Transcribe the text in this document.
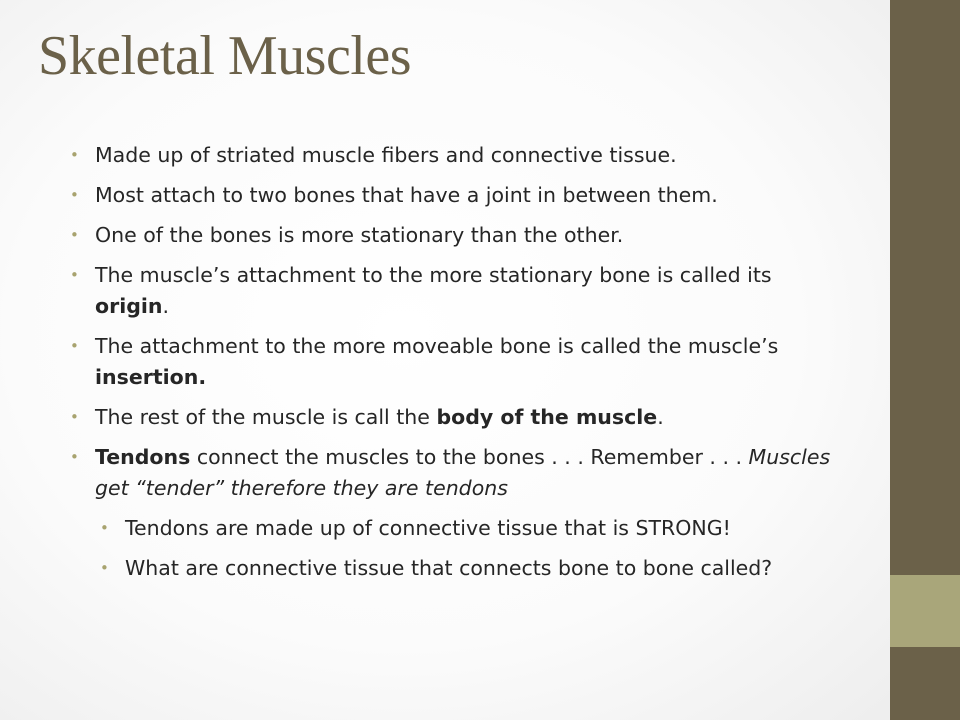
Skeletal Muscles
• Made up of striated muscle fibers and connective tissue.
• Most attach to two bones that have a joint in between them.
• One of the bones is more stationary than the other.
• The muscle’s attachment to the more stationary bone is called its origin.
• The attachment to the more moveable bone is called the muscle’s insertion.
• The rest of the muscle is call the body of the muscle.
• Tendons connect the muscles to the bones . . . Remember . . . Muscles get “tender” therefore they are tendons
• Tendons are made up of connective tissue that is STRONG!
• What are connective tissue that connects bone to bone called?
